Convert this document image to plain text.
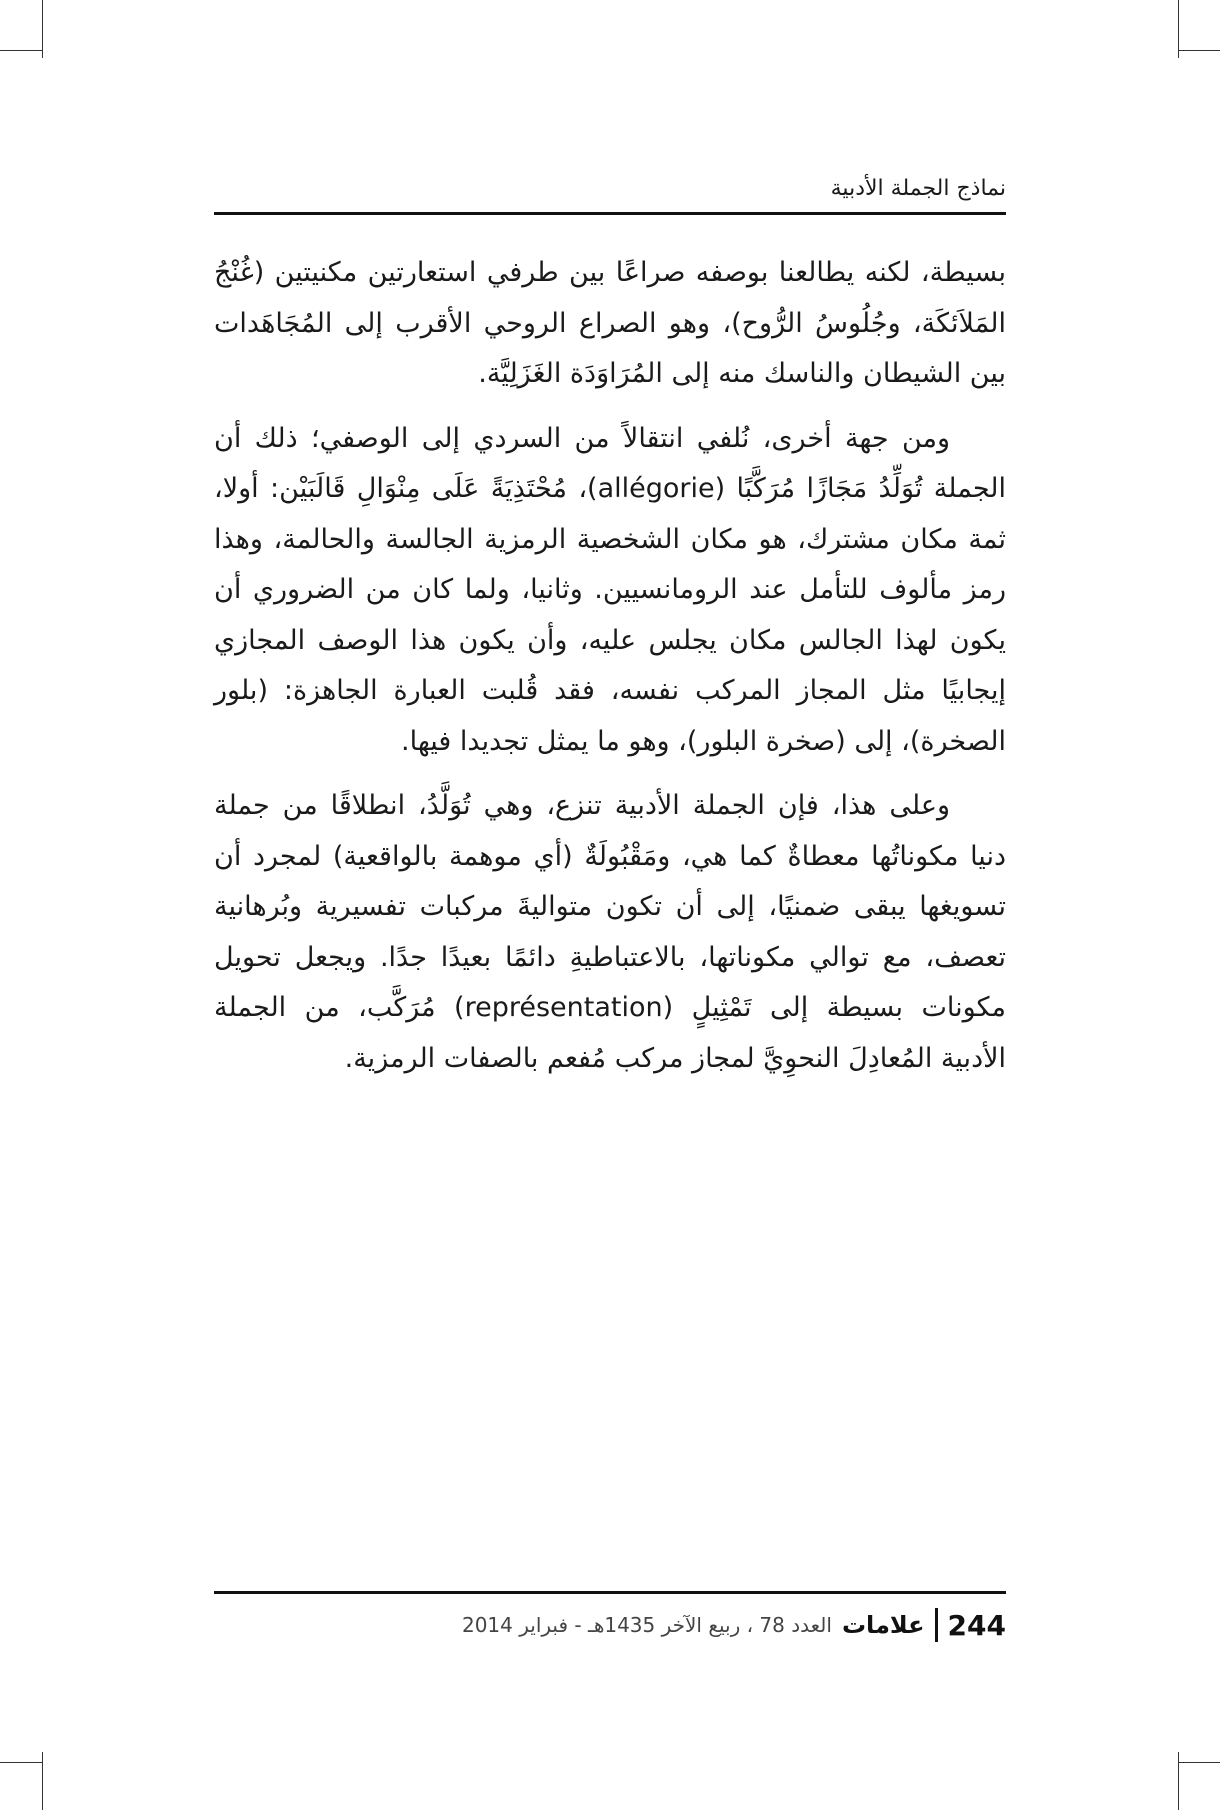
نماذج الجملة الأدبية

بسيطة، لكنه يطالعنا بوصفه صراعًا بين طرفي استعارتين مكنيتين (غُنْجُ المَلاَئكَة، وجُلُوسُ الرُّوح)، وهو الصراع الروحي الأقرب إلى المُجَاهَدات بين الشيطان والناسك منه إلى المُرَاوَدَة الغَزَلِيَّة.

ومن جهة أخرى، نُلفي انتقالاً من السردي إلى الوصفي؛ ذلك أن الجملة تُوَلِّدُ مَجَازًا مُرَكَّبًا (allégorie)، مُحْتَذِيَةً عَلَى مِنْوَالِ قَالَبَيْن: أولا، ثمة مكان مشترك، هو مكان الشخصية الرمزية الجالسة والحالمة، وهذا رمز مألوف للتأمل عند الرومانسيين. وثانيا، ولما كان من الضروري أن يكون لهذا الجالس مكان يجلس عليه، وأن يكون هذا الوصف المجازي إيجابيًا مثل المجاز المركب نفسه، فقد قُلبت العبارة الجاهزة: (بلور الصخرة)، إلى (صخرة البلور)، وهو ما يمثل تجديدا فيها.

وعلى هذا، فإن الجملة الأدبية تنزع، وهي تُوَلَّدُ، انطلاقًا من جملة دنيا مكوناتُها معطاةٌ كما هي، ومَقْبُولَةٌ (أي موهمة بالواقعية) لمجرد أن تسويغها يبقى ضمنيًا، إلى أن تكون متواليةَ مركبات تفسيرية وبُرهانية تعصف، مع توالي مكوناتها، بالاعتباطيةِ دائمًا بعيدًا جدًا. ويجعل تحويل مكونات بسيطة إلى تَمْثِيلٍ (représentation) مُرَكَّب، من الجملة الأدبية المُعادِلَ النحوِيَّ لمجاز مركب مُفعم بالصفات الرمزية.

244
علامات
العدد 78 ، ربيع الآخر 1435هـ - فبراير 2014
